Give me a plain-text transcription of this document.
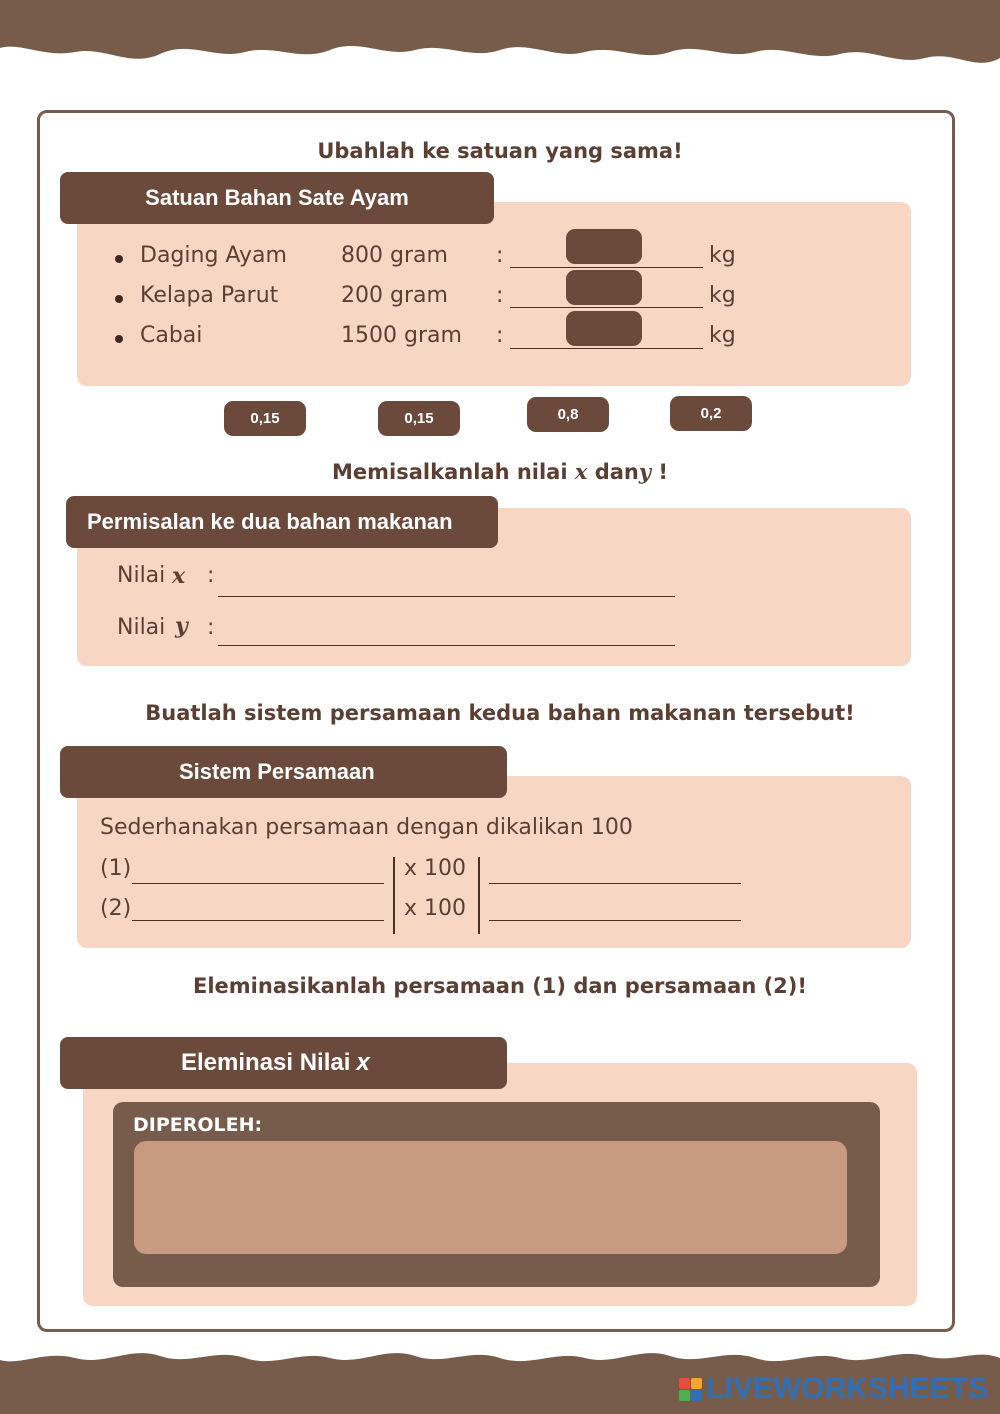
Ubahlah ke satuan yang sama!
Satuan Bahan Sate Ayam
Daging Ayam 800 gram :	kg
Kelapa Parut	200 gram :	kg
Cabai	1500 gram :	kg
0,15	0,15	0,8	0,2
Memisalkanlah nilai x dany !
Permisalan ke dua bahan makanan
Nilai x :
Nilai y :
Buatlah sistem persamaan kedua bahan makanan tersebut!
Sistem Persamaan
Sederhanakan persamaan dengan dikalikan 100
(1)	x 100
(2)	x 100
Eleminasikanlah persamaan (1) dan persamaan (2)!
Eleminasi Nilai x
DIPEROLEH:
LIVEWORKSHEETS
